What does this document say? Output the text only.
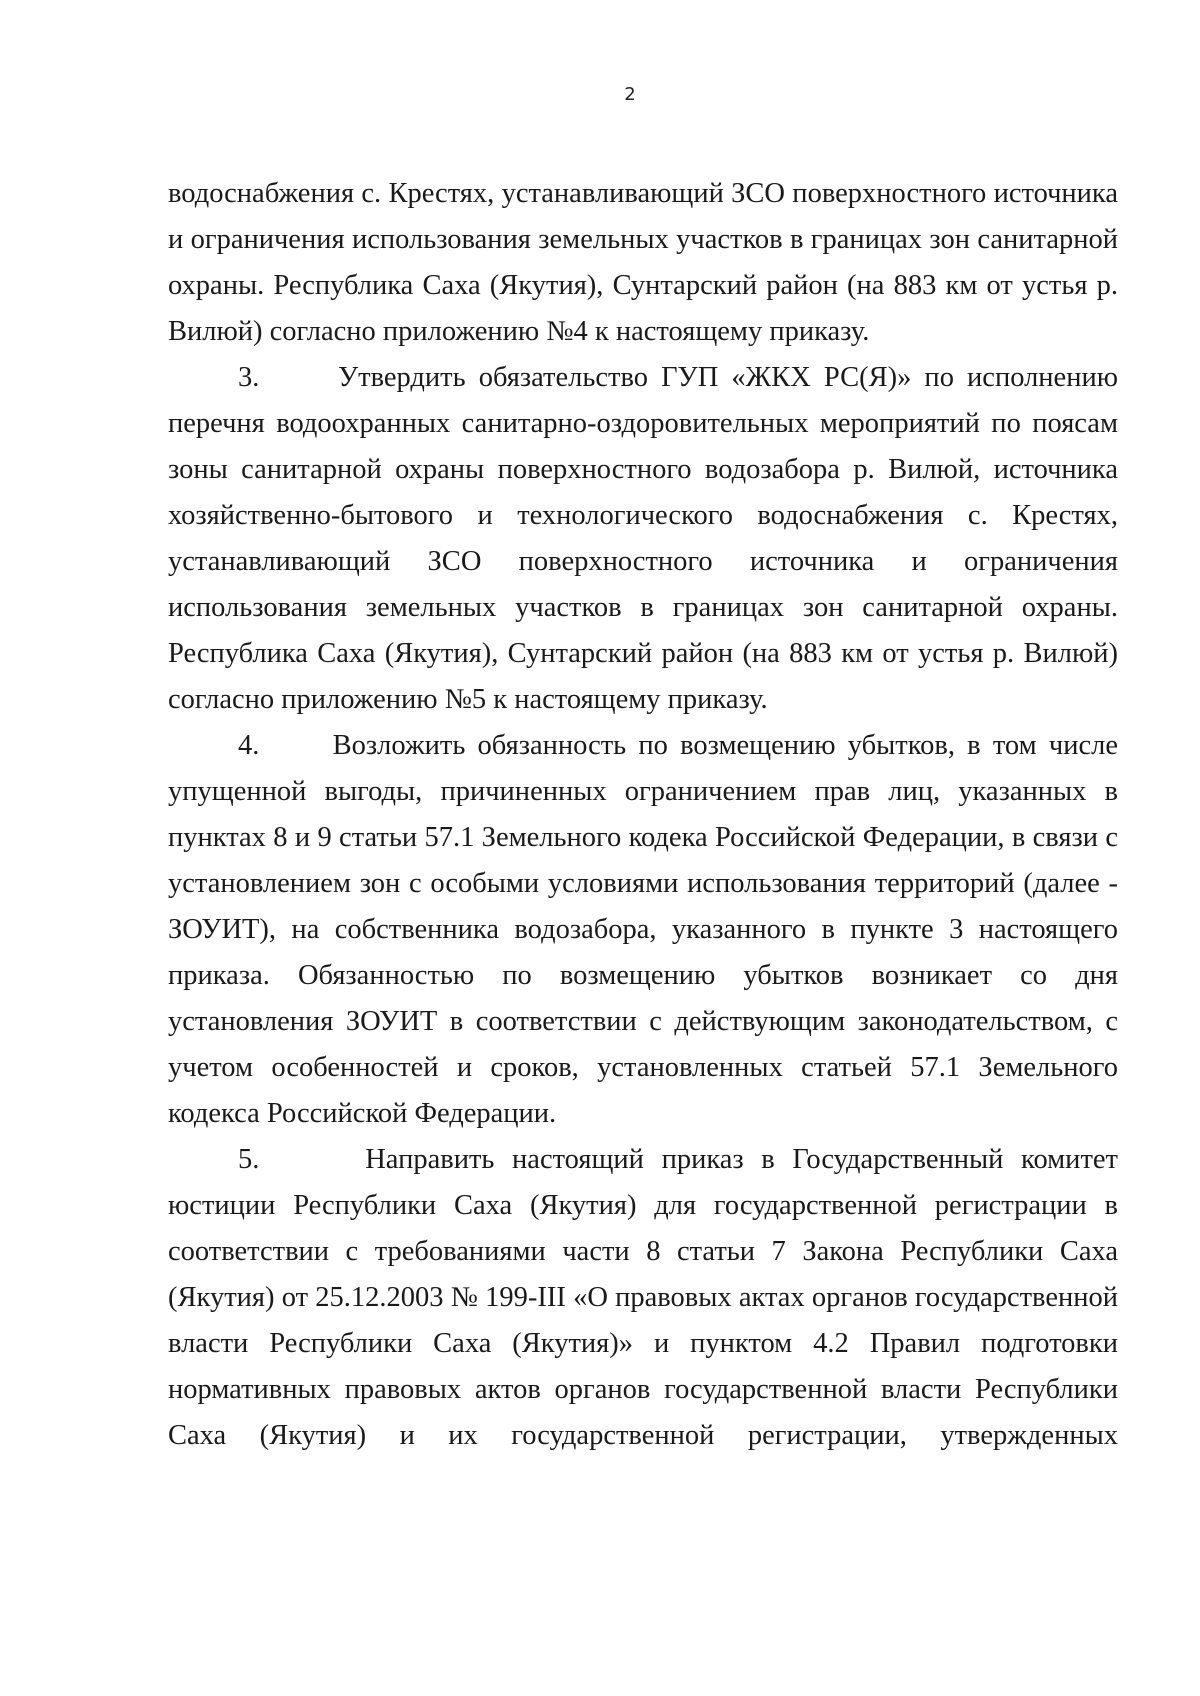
2
водоснабжения с. Крестях, устанавливающий ЗСО поверхностного источника
и ограничения использования земельных участков в границах зон санитарной
охраны. Республика Саха (Якутия), Сунтарский район (на 883 км от устья р.
Вилюй) согласно приложению №4 к настоящему приказу.
3.      Утвердить обязательство ГУП «ЖКХ РС(Я)» по исполнению
перечня водоохранных санитарно-оздоровительных мероприятий по поясам
зоны санитарной охраны поверхностного водозабора р. Вилюй, источника
хозяйственно-бытового и технологического водоснабжения с. Крестях,
устанавливающий ЗСО поверхностного источника и ограничения
использования земельных участков в границах зон санитарной охраны.
Республика Саха (Якутия), Сунтарский район (на 883 км от устья р. Вилюй)
согласно приложению №5 к настоящему приказу.
4.      Возложить обязанность по возмещению убытков, в том числе
упущенной выгоды, причиненных ограничением прав лиц, указанных в
пунктах 8 и 9 статьи 57.1 Земельного кодека Российской Федерации, в связи с
установлением зон с особыми условиями использования территорий (далее -
ЗОУИТ), на собственника водозабора, указанного в пункте 3 настоящего
приказа. Обязанностью по возмещению убытков возникает со дня
установления ЗОУИТ в соответствии с действующим законодательством, с
учетом особенностей и сроков, установленных статьей 57.1 Земельного
кодекса Российской Федерации.
5.      Направить настоящий приказ в Государственный комитет
юстиции Республики Саха (Якутия) для государственной регистрации в
соответствии с требованиями части 8 статьи 7 Закона Республики Саха
(Якутия) от 25.12.2003 № 199-III «О правовых актах органов государственной
власти Республики Саха (Якутия)» и пунктом 4.2 Правил подготовки
нормативных правовых актов органов государственной власти Республики
Саха (Якутия) и их государственной регистрации, утвержденных
